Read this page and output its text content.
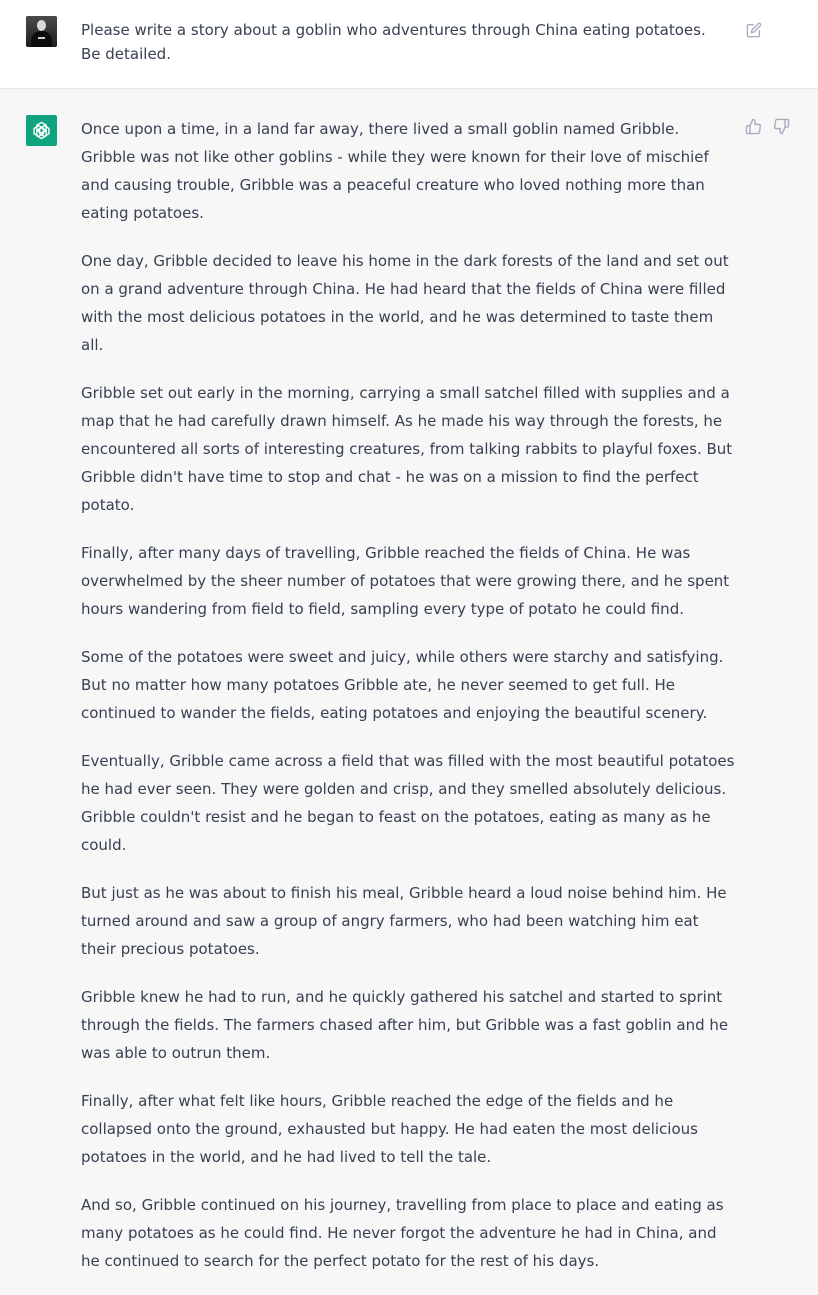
Please write a story about a goblin who adventures through China eating potatoes. Be detailed.

Once upon a time, in a land far away, there lived a small goblin named Gribble. Gribble was not like other goblins - while they were known for their love of mischief and causing trouble, Gribble was a peaceful creature who loved nothing more than eating potatoes.

One day, Gribble decided to leave his home in the dark forests of the land and set out on a grand adventure through China. He had heard that the fields of China were filled with the most delicious potatoes in the world, and he was determined to taste them all.

Gribble set out early in the morning, carrying a small satchel filled with supplies and a map that he had carefully drawn himself. As he made his way through the forests, he encountered all sorts of interesting creatures, from talking rabbits to playful foxes. But Gribble didn't have time to stop and chat - he was on a mission to find the perfect potato.

Finally, after many days of travelling, Gribble reached the fields of China. He was overwhelmed by the sheer number of potatoes that were growing there, and he spent hours wandering from field to field, sampling every type of potato he could find.

Some of the potatoes were sweet and juicy, while others were starchy and satisfying. But no matter how many potatoes Gribble ate, he never seemed to get full. He continued to wander the fields, eating potatoes and enjoying the beautiful scenery.

Eventually, Gribble came across a field that was filled with the most beautiful potatoes he had ever seen. They were golden and crisp, and they smelled absolutely delicious. Gribble couldn't resist and he began to feast on the potatoes, eating as many as he could.

But just as he was about to finish his meal, Gribble heard a loud noise behind him. He turned around and saw a group of angry farmers, who had been watching him eat their precious potatoes.

Gribble knew he had to run, and he quickly gathered his satchel and started to sprint through the fields. The farmers chased after him, but Gribble was a fast goblin and he was able to outrun them.

Finally, after what felt like hours, Gribble reached the edge of the fields and he collapsed onto the ground, exhausted but happy. He had eaten the most delicious potatoes in the world, and he had lived to tell the tale.

And so, Gribble continued on his journey, travelling from place to place and eating as many potatoes as he could find. He never forgot the adventure he had in China, and he continued to search for the perfect potato for the rest of his days.
